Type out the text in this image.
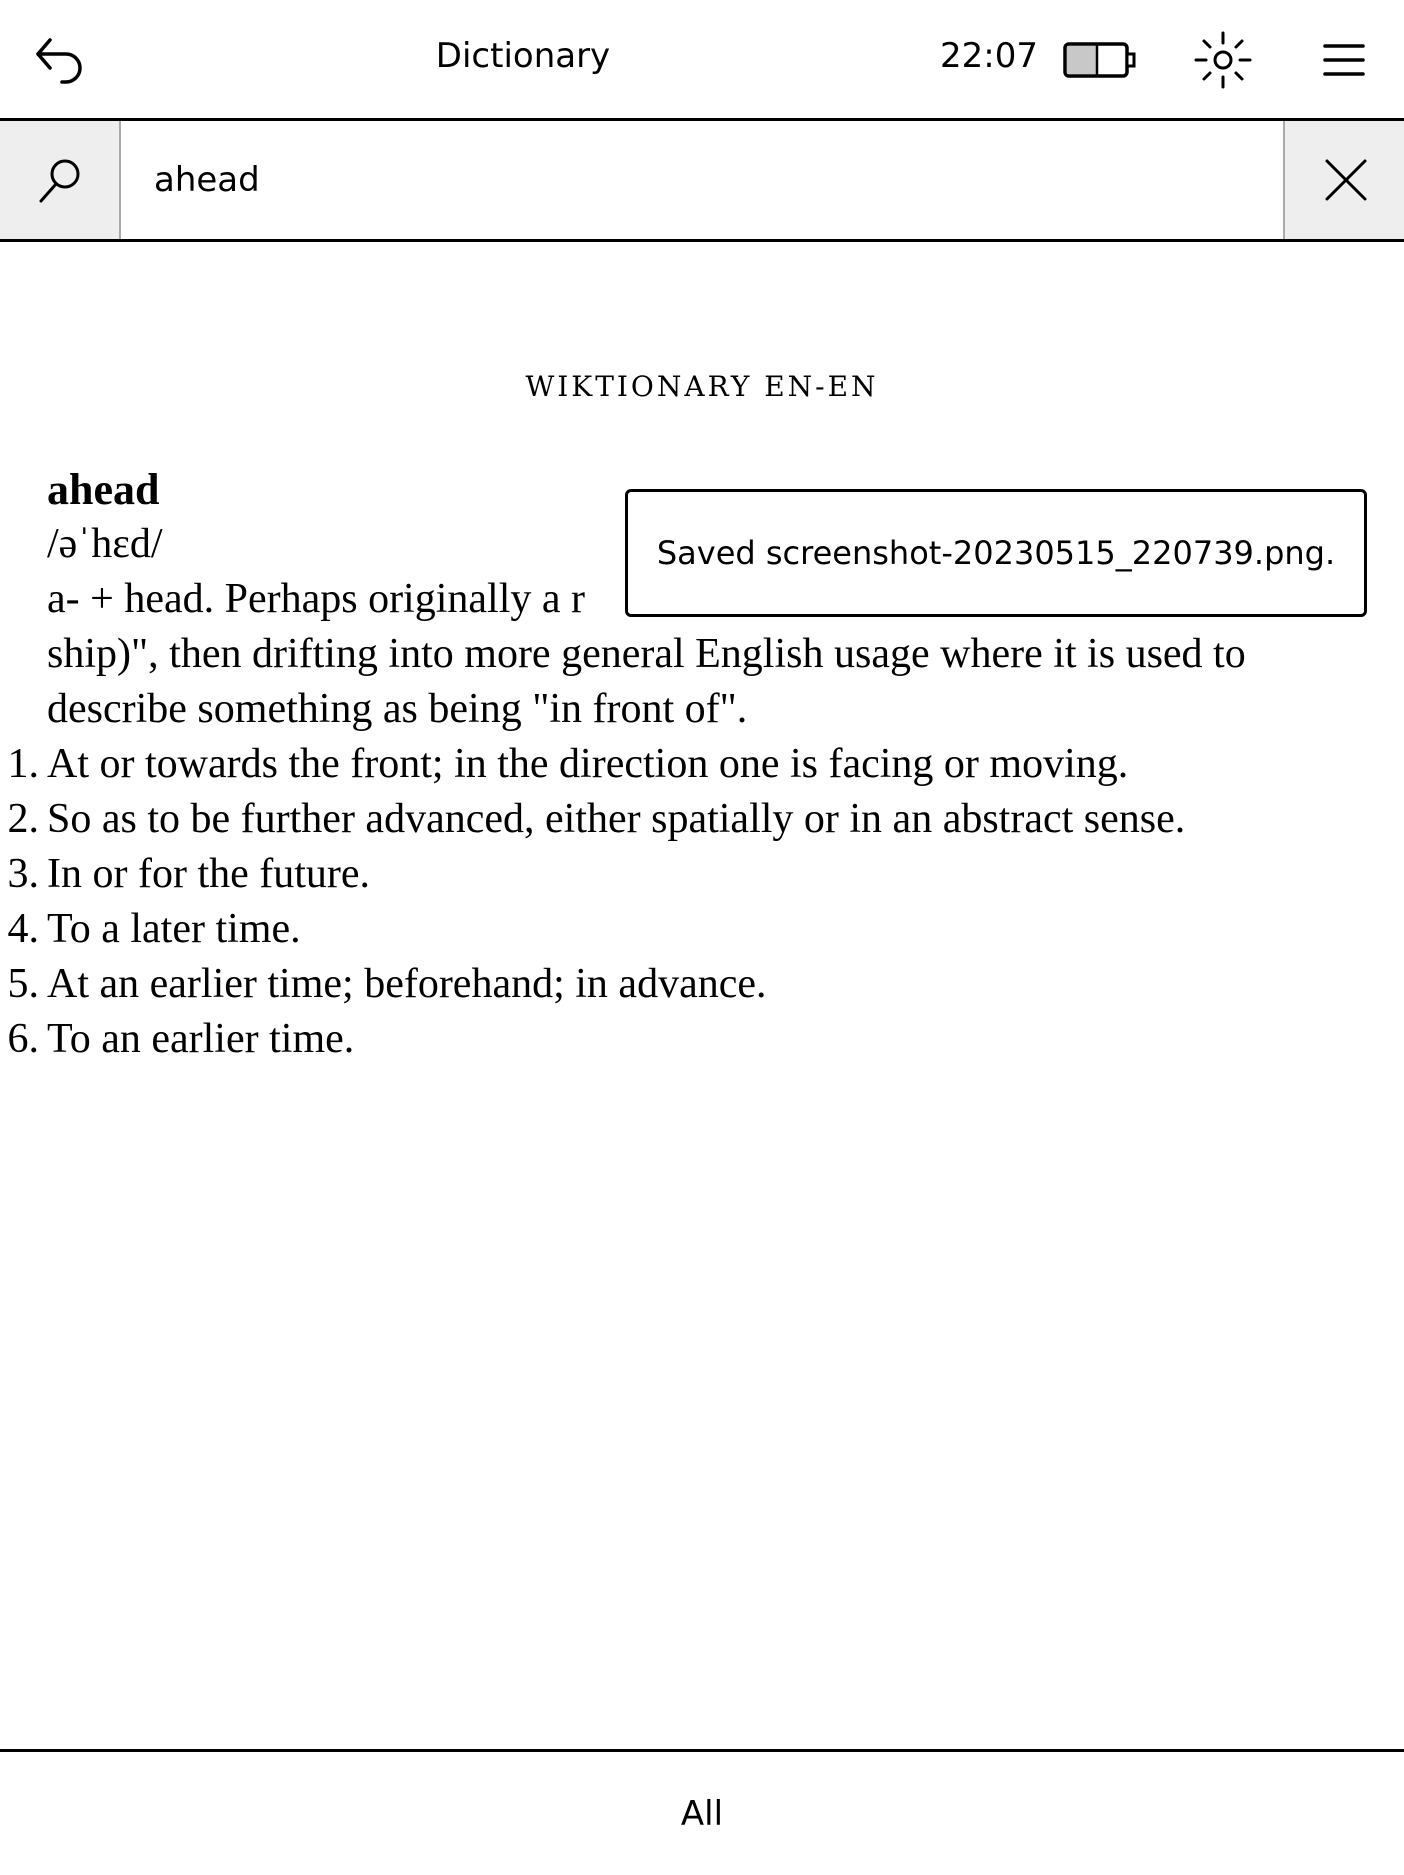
Dictionary	22:07
ahead
WIKTIONARY EN-EN
ahead
/əˈhɛd/
a- + head. Perhaps originally a r
ship)", then drifting into more general English usage where it is used to
describe something as being "in front of".
1. At or towards the front; in the direction one is facing or moving.
2. So as to be further advanced, either spatially or in an abstract sense.
3. In or for the future.
4. To a later time.
5. At an earlier time; beforehand; in advance.
6. To an earlier time.
Saved screenshot-20230515_220739.png.
All
